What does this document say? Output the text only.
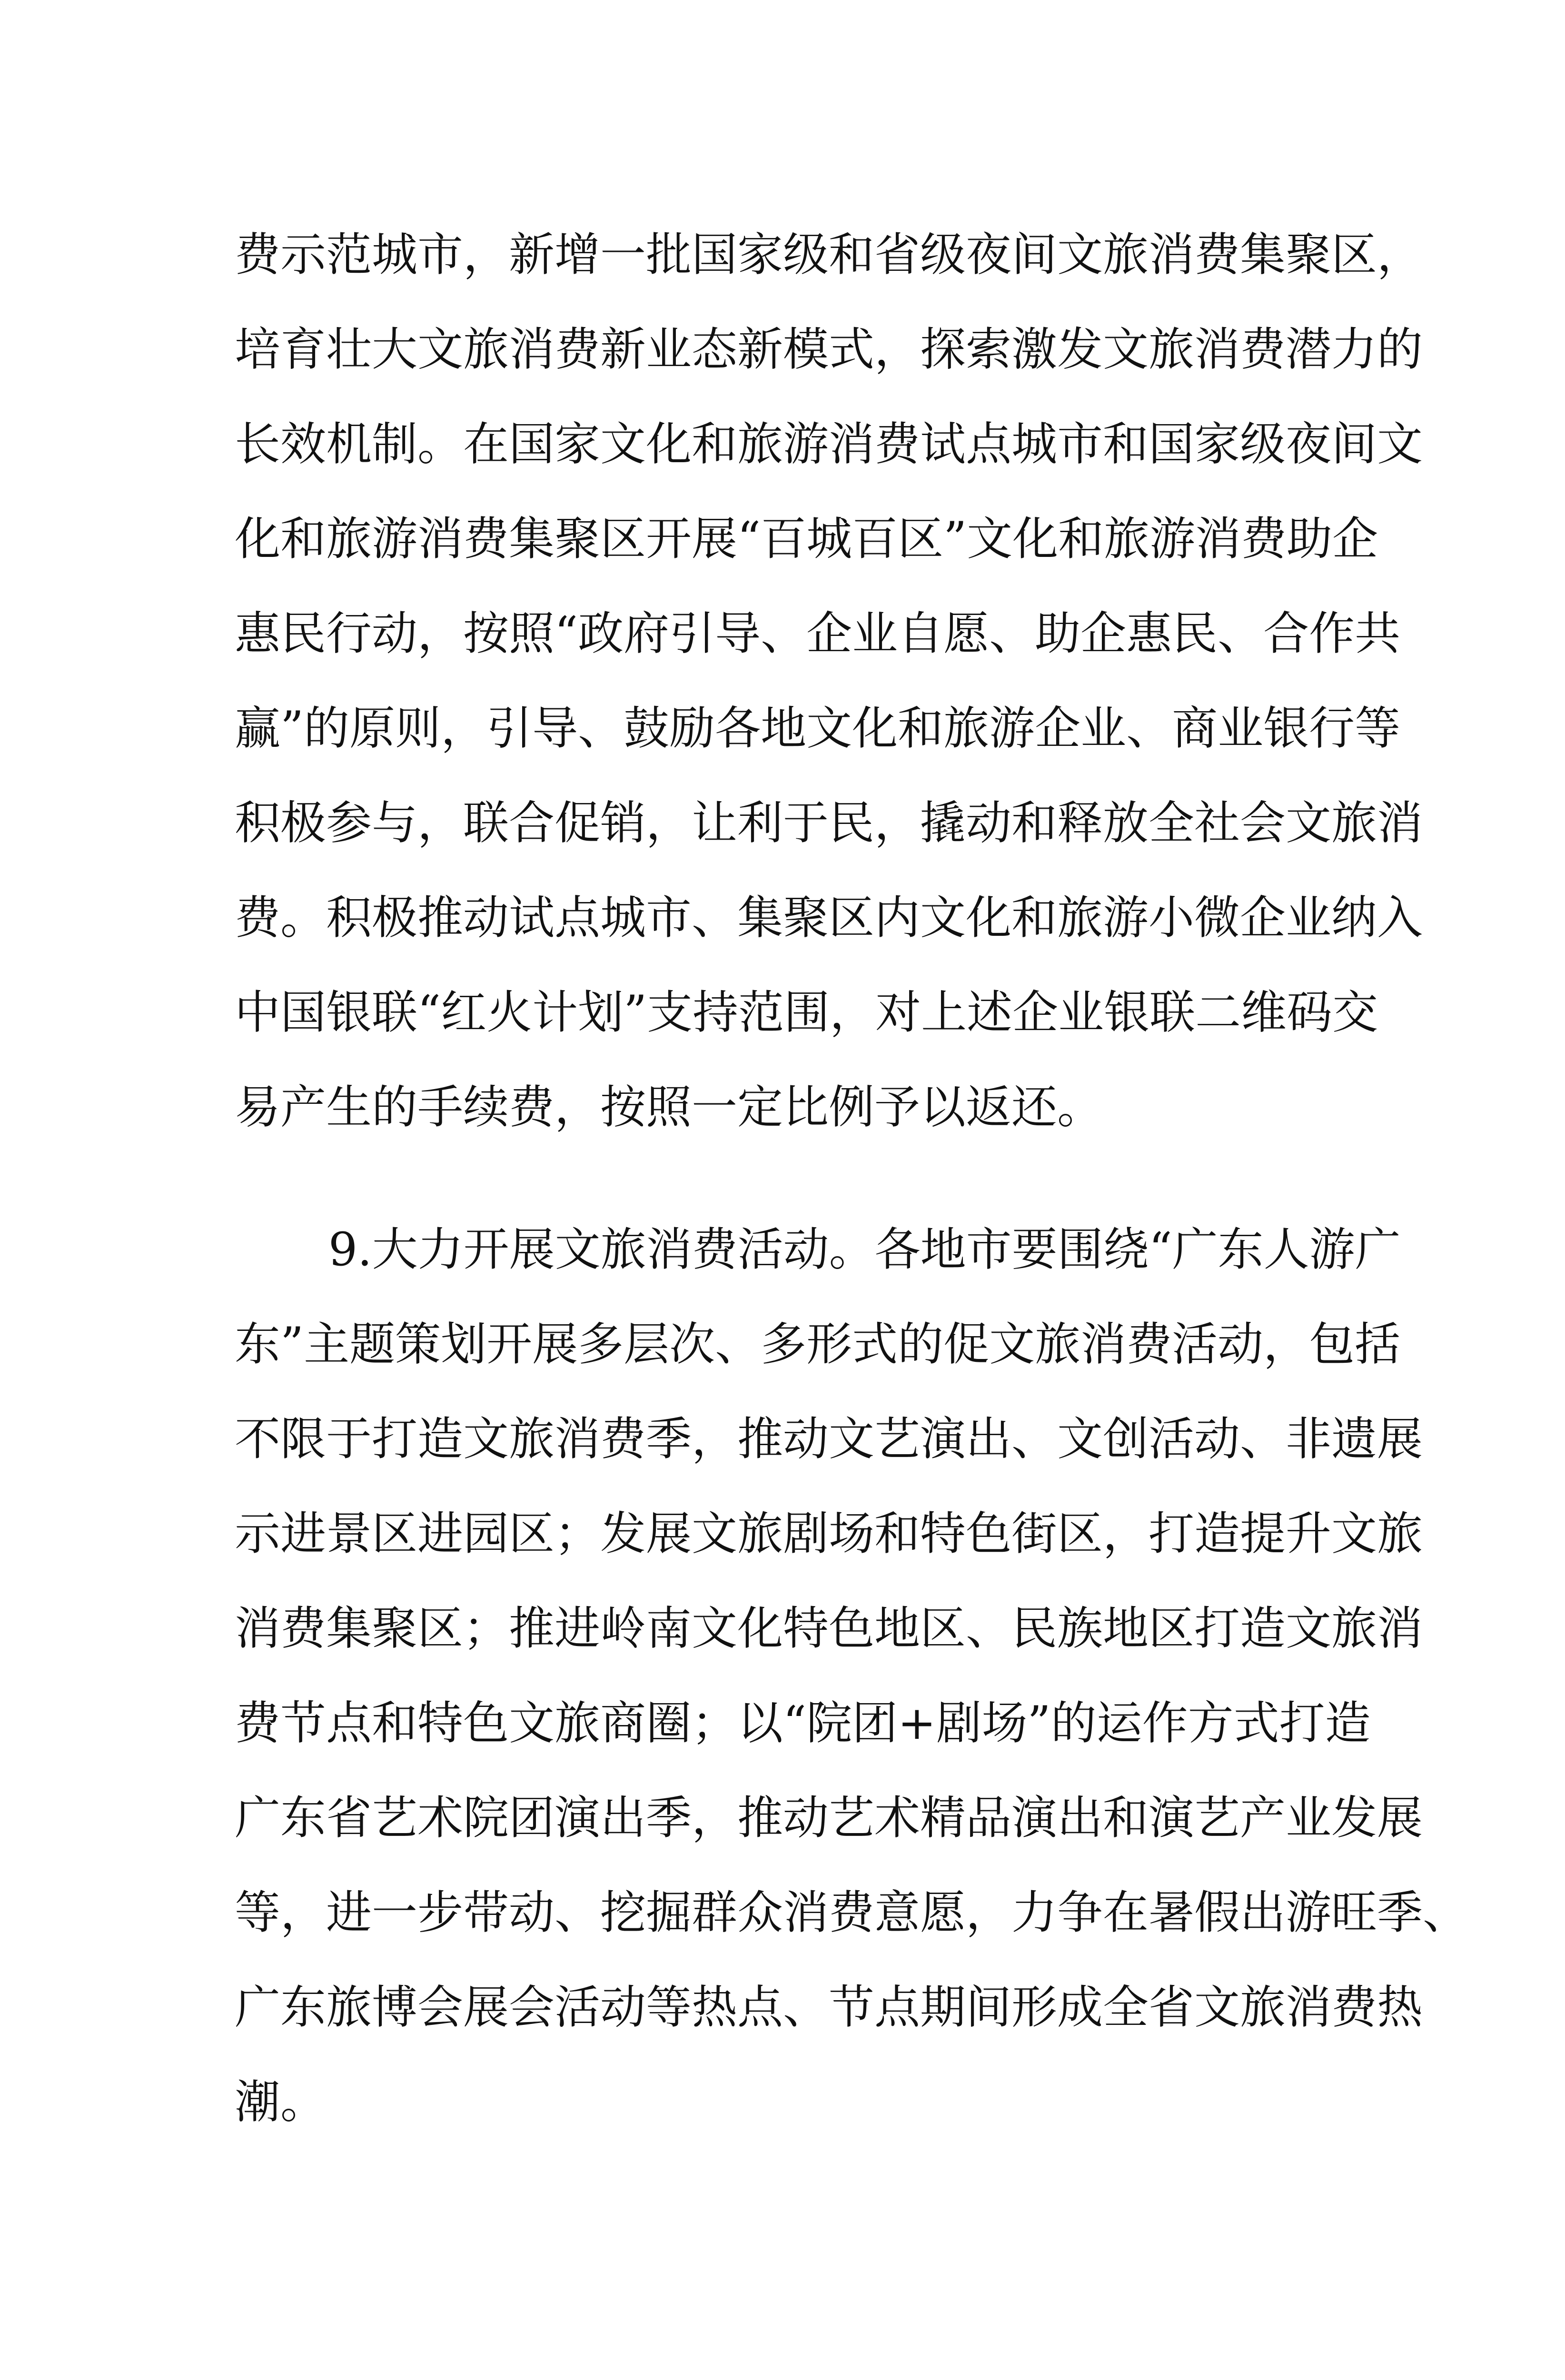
费示范城市，新增一批国家级和省级夜间文旅消费集聚区，
培育壮大文旅消费新业态新模式，探索激发文旅消费潜力的
长效机制。在国家文化和旅游消费试点城市和国家级夜间文
化和旅游消费集聚区开展“百城百区”文化和旅游消费助企
惠民行动，按照“政府引导、企业自愿、助企惠民、合作共
赢”的原则，引导、鼓励各地文化和旅游企业、商业银行等
积极参与，联合促销，让利于民，撬动和释放全社会文旅消
费。积极推动试点城市、集聚区内文化和旅游小微企业纳入
中国银联“红火计划”支持范围，对上述企业银联二维码交
易产生的手续费，按照一定比例予以返还。
9.大力开展文旅消费活动。各地市要围绕“广东人游广
东”主题策划开展多层次、多形式的促文旅消费活动，包括
不限于打造文旅消费季，推动文艺演出、文创活动、非遗展
示进景区进园区；发展文旅剧场和特色街区，打造提升文旅
消费集聚区；推进岭南文化特色地区、民族地区打造文旅消
费节点和特色文旅商圈；以“院团+剧场”的运作方式打造
广东省艺术院团演出季，推动艺术精品演出和演艺产业发展
等，进一步带动、挖掘群众消费意愿，力争在暑假出游旺季、
广东旅博会展会活动等热点、节点期间形成全省文旅消费热
潮。
